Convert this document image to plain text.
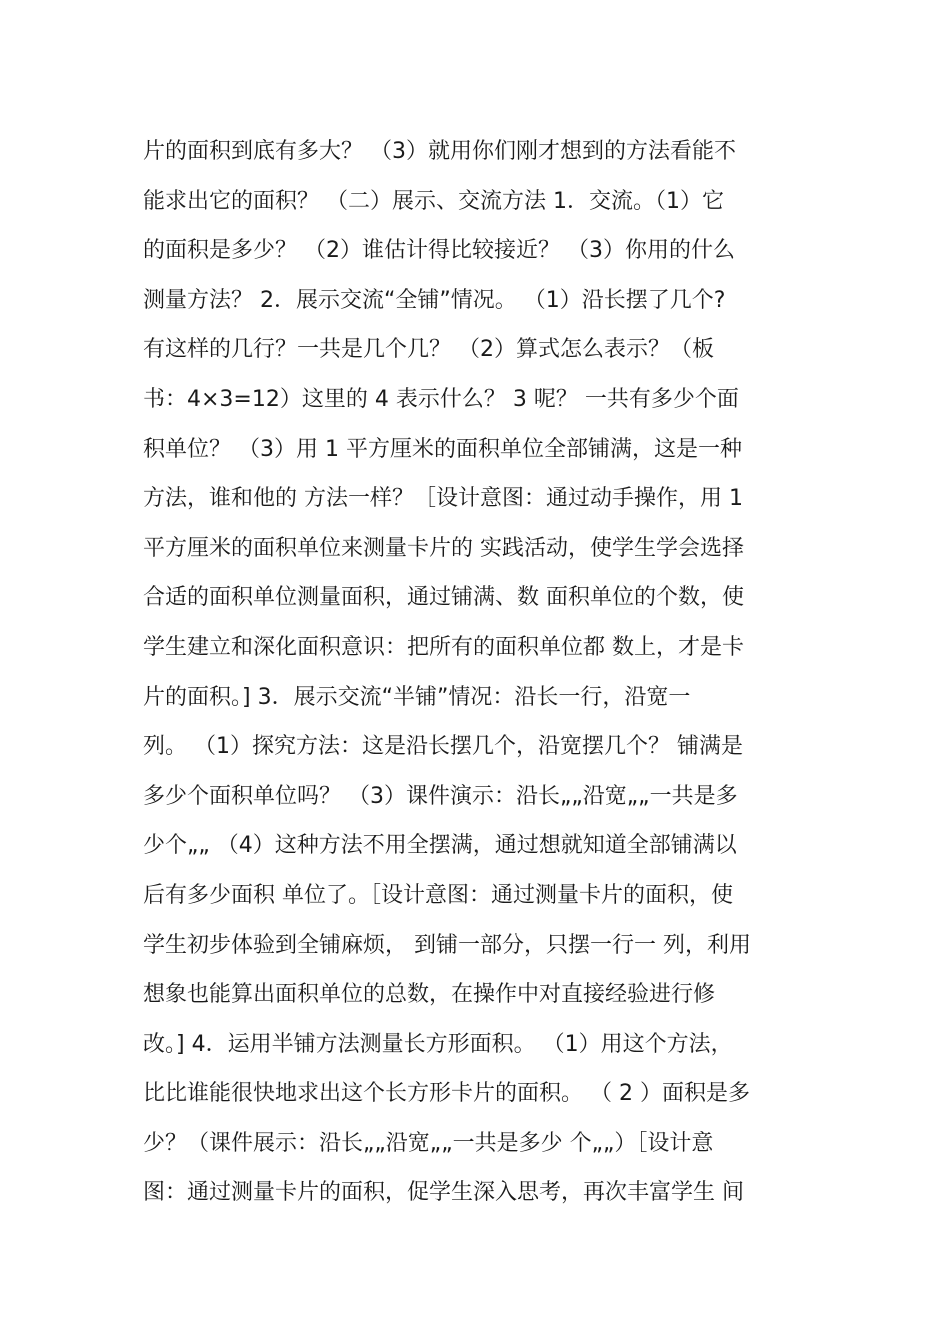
片的面积到底有多大？ （3）就用你们刚才想到的方法看能不
能求出它的面积？ （二）展示、交流方法 1．交流。（1）它
的面积是多少？ （2）谁估计得比较接近？ （3）你用的什么
测量方法？ 2．展示交流“全铺”情况。 （1）沿长摆了几个?
有这样的几行？一共是几个几？ （2）算式怎么表示？（板
书：4×3=12）这里的 4 表示什么？ 3 呢？ 一共有多少个面
积单位？ （3）用 1 平方厘米的面积单位全部铺满，这是一种
方法，谁和他的 方法一样？［设计意图：通过动手操作，用 1
平方厘米的面积单位来测量卡片的 实践活动，使学生学会选择
合适的面积单位测量面积，通过铺满、数 面积单位的个数，使
学生建立和深化面积意识：把所有的面积单位都 数上，才是卡
片的面积。] 3．展示交流“半铺”情况：沿长一行，沿宽一
列。 （1）探究方法：这是沿长摆几个，沿宽摆几个？ 铺满是
多少个面积单位吗？ （3）课件演示：沿长„„沿宽„„一共是多
少个„„ （4）这种方法不用全摆满，通过想就知道全部铺满以
后有多少面积 单位了。［设计意图：通过测量卡片的面积，使
学生初步体验到全铺麻烦， 到铺一部分，只摆一行一 列，利用
想象也能算出面积单位的总数，在操作中对直接经验进行修
改。] 4．运用半铺方法测量长方形面积。 （1）用这个方法，
比比谁能很快地求出这个长方形卡片的面积。 （ 2 ）面积是多
少？（课件展示：沿长„„沿宽„„一共是多少 个„„）［设计意
图：通过测量卡片的面积，促学生深入思考，再次丰富学生 间
